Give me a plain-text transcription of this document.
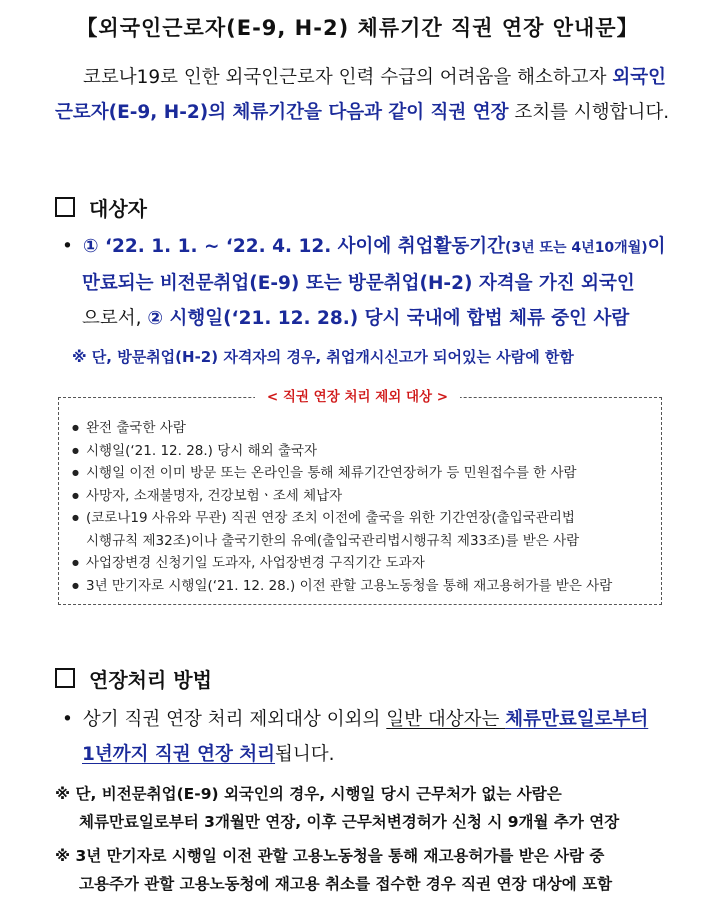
【외국인근로자(E-9, H-2) 체류기간 직권 연장 안내문】
코로나19로 인한 외국인근로자 인력 수급의 어려움을 해소하고자 외국인근로자(E-9, H-2)의 체류기간을 다음과 같이 직권 연장 조치를 시행합니다.
대상자
• ① ‘22. 1. 1. ~ ‘22. 4. 12. 사이에 취업활동기간(3년 또는 4년10개월)이
만료되는 비전문취업(E-9) 또는 방문취업(H-2) 자격을 가진 외국인
으로서, ② 시행일(‘21. 12. 28.) 당시 국내에 합법 체류 중인 사람
※ 단, 방문취업(H-2) 자격자의 경우, 취업개시신고가 되어있는 사람에 한함
< 직권 연장 처리 제외 대상 >
● 완전 출국한 사람
● 시행일(‘21. 12. 28.) 당시 해외 출국자
● 시행일 이전 이미 방문 또는 온라인을 통해 체류기간연장허가 등 민원접수를 한 사람
● 사망자, 소재불명자, 건강보험ㆍ조세 체납자
● (코로나19 사유와 무관) 직권 연장 조치 이전에 출국을 위한 기간연장(출입국관리법
시행규칙 제32조)이나 출국기한의 유예(출입국관리법시행규칙 제33조)를 받은 사람
● 사업장변경 신청기일 도과자, 사업장변경 구직기간 도과자
● 3년 만기자로 시행일(‘21. 12. 28.) 이전 관할 고용노동청을 통해 재고용허가를 받은 사람
연장처리 방법
• 상기 직권 연장 처리 제외대상 이외의 일반 대상자는 체류만료일로부터
1년까지 직권 연장 처리됩니다.
※ 단, 비전문취업(E-9) 외국인의 경우, 시행일 당시 근무처가 없는 사람은
체류만료일로부터 3개월만 연장, 이후 근무처변경허가 신청 시 9개월 추가 연장
※ 3년 만기자로 시행일 이전 관할 고용노동청을 통해 재고용허가를 받은 사람 중
고용주가 관할 고용노동청에 재고용 취소를 접수한 경우 직권 연장 대상에 포함
